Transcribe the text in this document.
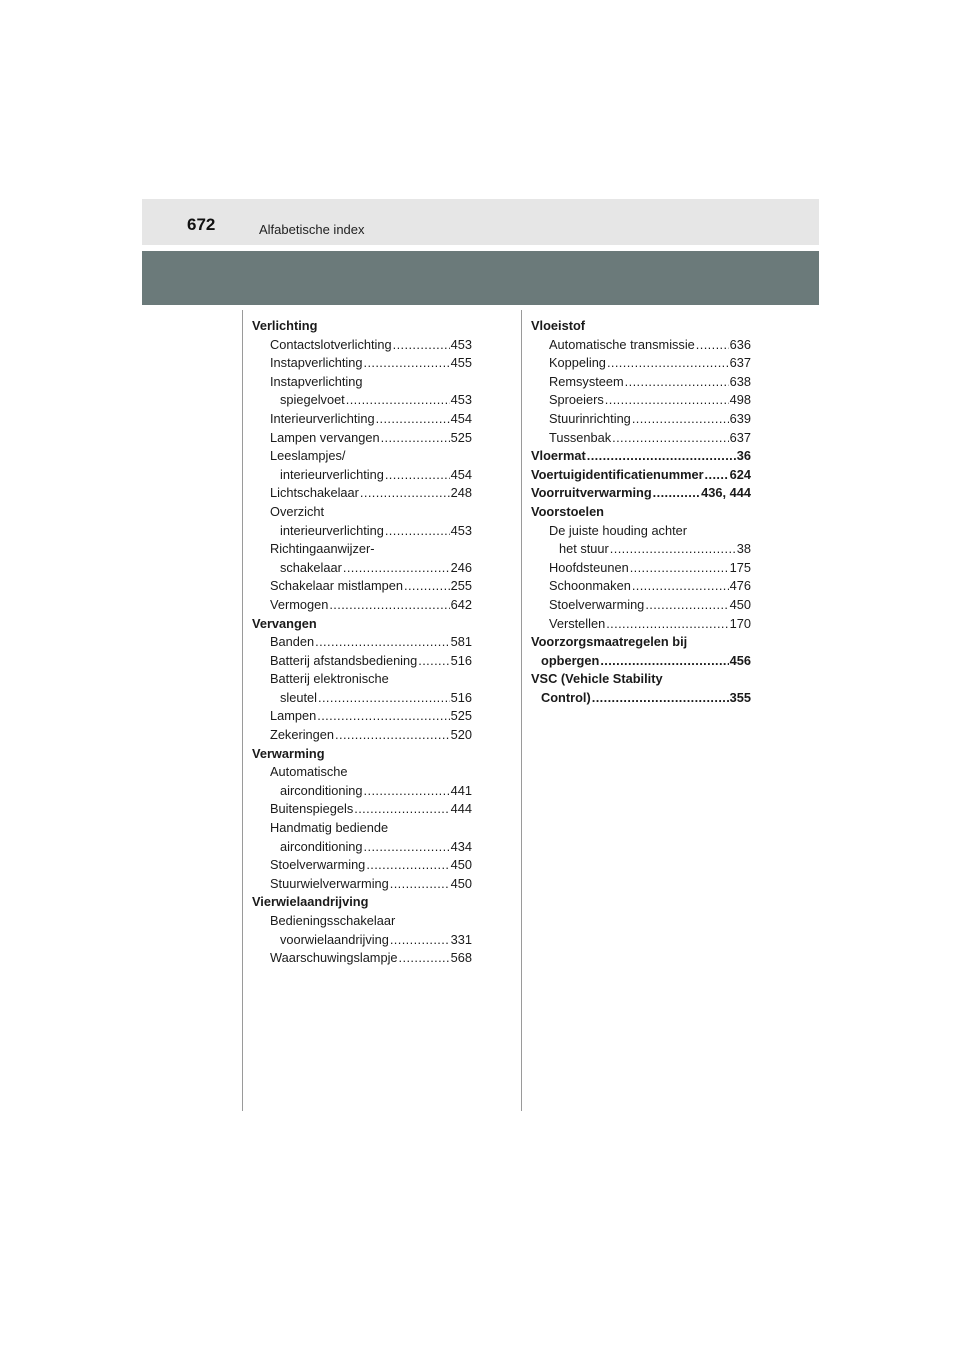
672	Alfabetische index
Verlichting
Contactslotverlichting .....	453
Instapverlichting .....	455
Instapverlichting
spiegelvoet .....	453
Interieurverlichting .....	454
Lampen vervangen .....	525
Leeslampjes/
interieurverlichting .....	454
Lichtschakelaar .....	248
Overzicht
interieurverlichting .....	453
Richtingaanwijzer-
schakelaar .....	246
Schakelaar mistlampen .....	255
Vermogen .....	642
Vervangen
Banden .....	581
Batterij afstandsbediening .....	516
Batterij elektronische
sleutel .....	516
Lampen .....	525
Zekeringen .....	520
Verwarming
Automatische
airconditioning .....	441
Buitenspiegels .....	444
Handmatig bediende
airconditioning .....	434
Stoelverwarming .....	450
Stuurwielverwarming .....	450
Vierwielaandrijving
Bedieningsschakelaar
voorwielaandrijving .....	331
Waarschuwingslampje .....	568
Vloeistof
Automatische transmissie .....	636
Koppeling .....	637
Remsysteem .....	638
Sproeiers .....	498
Stuurinrichting .....	639
Tussenbak .....	637
Vloermat .....	36
Voertuigidentificatienummer ..... 624
Voorruitverwarming .....	436, 444
Voorstoelen
De juiste houding achter
het stuur .....	38
Hoofdsteunen .....	175
Schoonmaken .....	476
Stoelverwarming .....	450
Verstellen .....	170
Voorzorgsmaatregelen bij
opbergen .....	456
VSC (Vehicle Stability
Control) .....	355
